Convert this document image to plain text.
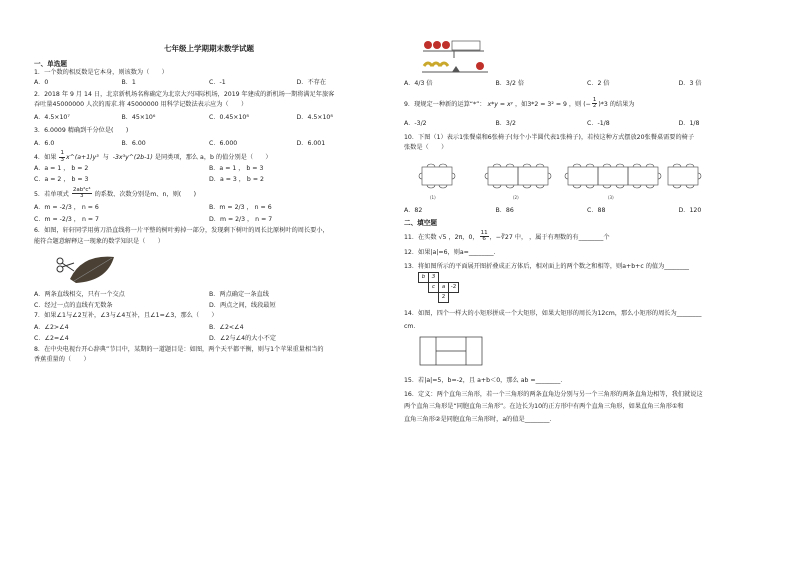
七年级上学期期末数学试题
一、单选题

1．一个数的相反数是它本身，则该数为（　　）

A．0	B．1	C．-1	D．不存在

2．2018 年 9 月 14 日，北京新机场名称确定为北京大兴国际机场，2019 年建成的新机场一期将满足年旅客

吞吐量45000000 人次的需求.将 45000000 用科学记数法表示应为（　　）

A．4.5×10⁷	B．45×10⁶	C．0.45×10⁸	D．4.5×10⁸

3．6.0009 精确到千分位是(　　)

A．6.0	B．6.00	C．6.000	D．6.001

4．如果 $\frac{1}{3}$ x^(a+1)y³ 与 -3x³y^(2b-1) 是同类项，那么 a，b 的值分别是（　　）

A．a = 1 ， b = 2	B．a = 1 ， b = 3
C．a = 2 ， b = 3	D．a = 3 ， b = 2

5．若单项式 $\frac{\text{2ab²c⁴}}{3}$ 的系数、次数分别是m、n，则(　　)

A．m = -2/3 ， n = 6	B．m = 2/3 ， n = 6
C．m = -2/3 ， n = 7	D．m = 2/3 ， n = 7

6．如图，轩轩同学用剪刀沿直线将一片平整的树叶剪掉一部分，发现剩下树叶的周长比原树叶的周长要小，

能符合题意解释这一现象的数学知识是（　　）

A．两条直线相交，只有一个交点	B．两点确定一条直线
C．经过一点的直线有无数条	D．两点之间，线段最短

7．如果∠1与∠2互补，∠3与∠4互补，且∠1=∠3，那么（　　）

A．∠2>∠4	B．∠2<∠4
C．∠2=∠4	D．∠2与∠4的大小不定

8．在中央电视台开心辞典”节目中，某期的一道题目是：如图，两个天平都平衡，则与1个苹果重量相当的

香蕉重量的（　　）

A．4/3 倍	B．3/2 倍	C．2 倍	D．3 倍

9．现规定一种新的运算“*”： x*y = xʸ ，如3*2 = 3² = 9 ，则 (− $\frac{1}{2} )*3$ 的结果为

A．-3/2	B．3/2	C．-1/8	D．1/8

10．下图（1）表示1张餐桌和6张椅子(每个小半圆代表1张椅子)，若按这种方式摆放20张餐桌需要的椅子

张数是（　　）

(1)	(2)	(3)
A．82	B．86	C．88	D．120
二、填空题

11．在实数 √5 ，2π，0， $\frac{11}{6}$ ，−∛27 中， ，属于有理数的有________个

12．如果|a|=6，则a=________．

13．将如图所示的平面展开图折叠成正方体后，相对面上的两个数之和相等，则a+b+c 的值为________

b	3
c	a	-2
2

14．如图，四个一样大的小矩形拼成一个大矩形，如果大矩形的周长为12cm，那么小矩形的周长为________

cm．

15．若|a|=5，b=-2，且 a+b＜0，那么 ab =________．

16．定义：两个直角三角形，若一个三角形的两条直角边分别与另一个三角形的两条直角边相等，我们就说这

两个直角三角形是“同胞直角三角形”。在边长为10的正方形中有两个直角三角形，如果直角三角形①和

直角三角形②是同胞直角三角形时，a的值是________．
